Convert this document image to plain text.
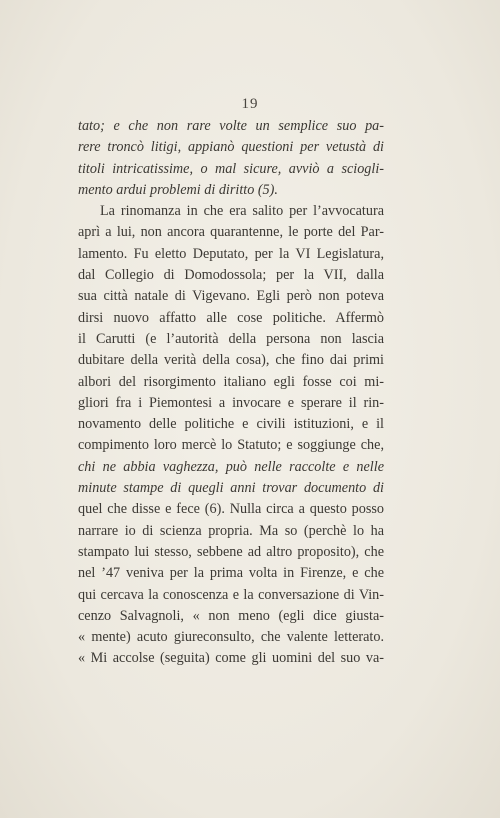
19
tato; e che non rare volte un semplice suo pa-
rere troncò litigi, appianò questioni per vetustà di
titoli intricatissime, o mal sicure, avviò a sciogli-
mento ardui problemi di diritto (5).
La rinomanza in che era salito per l’avvocatura
aprì a lui, non ancora quarantenne, le porte del Par-
lamento. Fu eletto Deputato, per la VI Legislatura,
dal Collegio di Domodossola; per la VII, dalla
sua città natale di Vigevano. Egli però non poteva
dirsi nuovo affatto alle cose politiche. Affermò
il Carutti (e l’autorità della persona non lascia
dubitare della verità della cosa), che fino dai primi
albori del risorgimento italiano egli fosse coi mi-
gliori fra i Piemontesi a invocare e sperare il rin-
novamento delle politiche e civili istituzioni, e il
compimento loro mercè lo Statuto; e soggiunge che,
chi ne abbia vaghezza, può nelle raccolte e nelle
minute stampe di quegli anni trovar documento di
quel che disse e fece (6). Nulla circa a questo posso
narrare io di scienza propria. Ma so (perchè lo ha
stampato lui stesso, sebbene ad altro proposito), che
nel ’47 veniva per la prima volta in Firenze, e che
qui cercava la conoscenza e la conversazione di Vin-
cenzo Salvagnoli, « non meno (egli dice giusta-
« mente) acuto giureconsulto, che valente letterato.
« Mi accolse (seguita) come gli uomini del suo va-
